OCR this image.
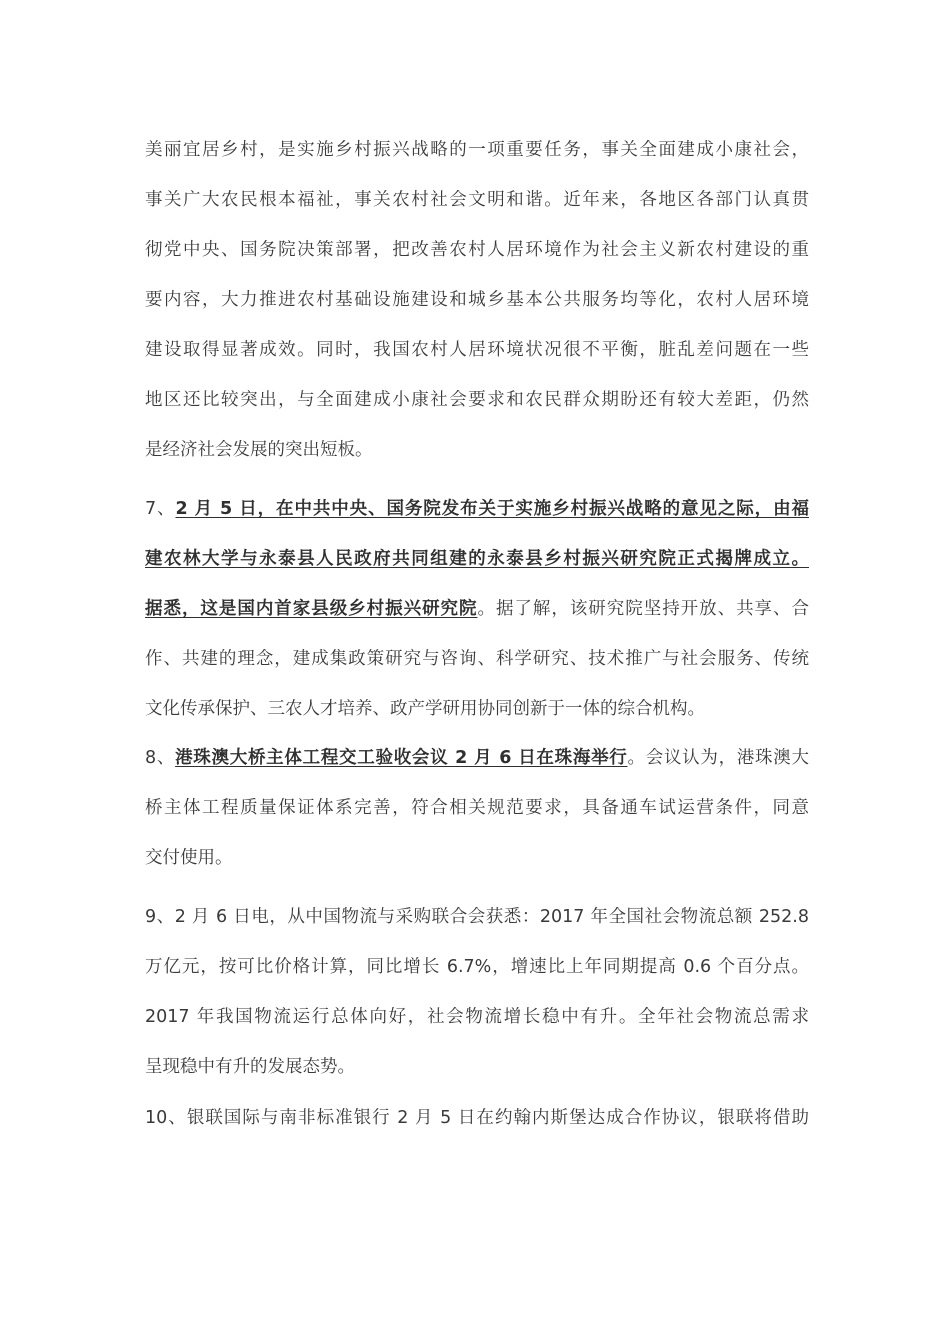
美丽宜居乡村，是实施乡村振兴战略的一项重要任务，事关全面建成小康社会，
事关广大农民根本福祉，事关农村社会文明和谐。近年来，各地区各部门认真贯
彻党中央、国务院决策部署，把改善农村人居环境作为社会主义新农村建设的重
要内容，大力推进农村基础设施建设和城乡基本公共服务均等化，农村人居环境
建设取得显著成效。同时，我国农村人居环境状况很不平衡，脏乱差问题在一些
地区还比较突出，与全面建成小康社会要求和农民群众期盼还有较大差距，仍然
是经济社会发展的突出短板。
7、2 月 5 日，在中共中央、国务院发布关于实施乡村振兴战略的意见之际，由福
建农林大学与永泰县人民政府共同组建的永泰县乡村振兴研究院正式揭牌成立。
据悉，这是国内首家县级乡村振兴研究院。据了解，该研究院坚持开放、共享、合
作、共建的理念，建成集政策研究与咨询、科学研究、技术推广与社会服务、传统
文化传承保护、三农人才培养、政产学研用协同创新于一体的综合机构。
8、港珠澳大桥主体工程交工验收会议 2 月 6 日在珠海举行。会议认为，港珠澳大
桥主体工程质量保证体系完善，符合相关规范要求，具备通车试运营条件，同意
交付使用。
9、2 月 6 日电，从中国物流与采购联合会获悉：2017 年全国社会物流总额 252.8
万亿元，按可比价格计算，同比增长 6.7%，增速比上年同期提高 0.6 个百分点。
2017 年我国物流运行总体向好，社会物流增长稳中有升。全年社会物流总需求
呈现稳中有升的发展态势。
10、银联国际与南非标准银行 2 月 5 日在约翰内斯堡达成合作协议，银联将借助
